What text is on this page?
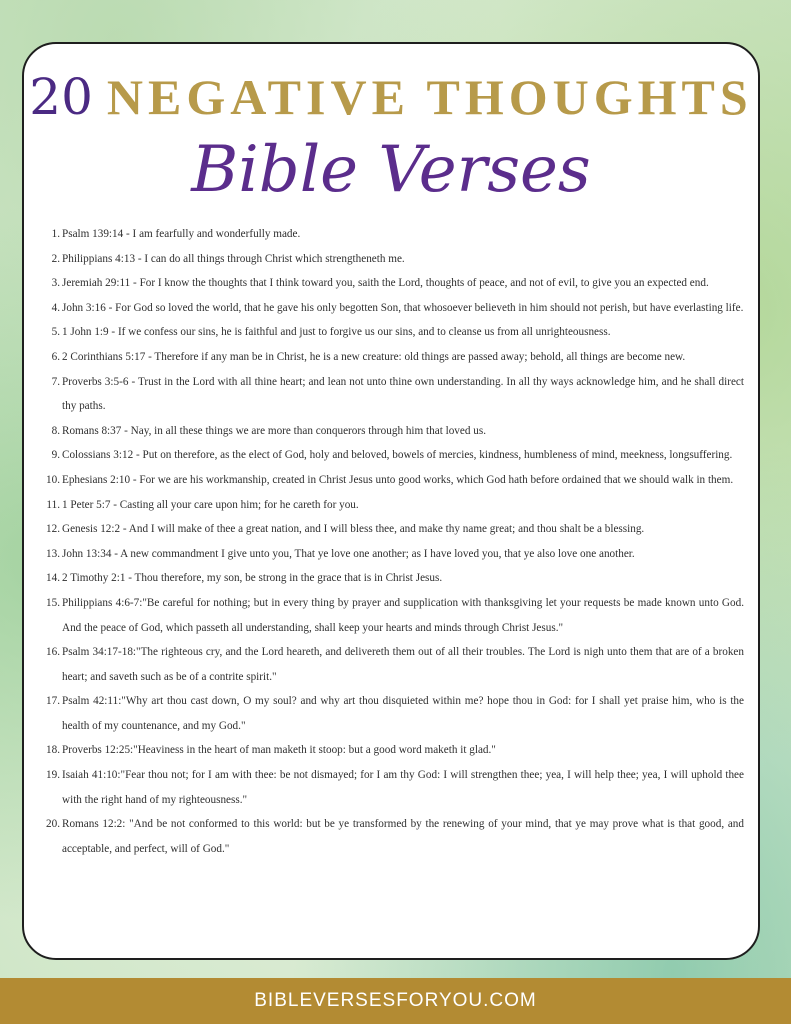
20 NEGATIVE THOUGHTS
Bible Verses
1. Psalm 139:14 - I am fearfully and wonderfully made.
2. Philippians 4:13 - I can do all things through Christ which strengtheneth me.
3. Jeremiah 29:11 - For I know the thoughts that I think toward you, saith the Lord, thoughts of peace, and not of evil, to give you an expected end.
4. John 3:16 - For God so loved the world, that he gave his only begotten Son, that whosoever believeth in him should not perish, but have everlasting life.
5. 1 John 1:9 - If we confess our sins, he is faithful and just to forgive us our sins, and to cleanse us from all unrighteousness.
6. 2 Corinthians 5:17 - Therefore if any man be in Christ, he is a new creature: old things are passed away; behold, all things are become new.
7. Proverbs 3:5-6 - Trust in the Lord with all thine heart; and lean not unto thine own understanding. In all thy ways acknowledge him, and he shall direct thy paths.
8. Romans 8:37 - Nay, in all these things we are more than conquerors through him that loved us.
9. Colossians 3:12 - Put on therefore, as the elect of God, holy and beloved, bowels of mercies, kindness, humbleness of mind, meekness, longsuffering.
10. Ephesians 2:10 - For we are his workmanship, created in Christ Jesus unto good works, which God hath before ordained that we should walk in them.
11. 1 Peter 5:7 - Casting all your care upon him; for he careth for you.
12. Genesis 12:2 - And I will make of thee a great nation, and I will bless thee, and make thy name great; and thou shalt be a blessing.
13. John 13:34 - A new commandment I give unto you, That ye love one another; as I have loved you, that ye also love one another.
14. 2 Timothy 2:1 - Thou therefore, my son, be strong in the grace that is in Christ Jesus.
15. Philippians 4:6-7:"Be careful for nothing; but in every thing by prayer and supplication with thanksgiving let your requests be made known unto God. And the peace of God, which passeth all understanding, shall keep your hearts and minds through Christ Jesus."
16. Psalm 34:17-18:"The righteous cry, and the Lord heareth, and delivereth them out of all their troubles. The Lord is nigh unto them that are of a broken heart; and saveth such as be of a contrite spirit."
17. Psalm 42:11:"Why art thou cast down, O my soul? and why art thou disquieted within me? hope thou in God: for I shall yet praise him, who is the health of my countenance, and my God."
18. Proverbs 12:25:"Heaviness in the heart of man maketh it stoop: but a good word maketh it glad."
19. Isaiah 41:10:"Fear thou not; for I am with thee: be not dismayed; for I am thy God: I will strengthen thee; yea, I will help thee; yea, I will uphold thee with the right hand of my righteousness."
20. Romans 12:2: "And be not conformed to this world: but be ye transformed by the renewing of your mind, that ye may prove what is that good, and acceptable, and perfect, will of God."
BIBLEVERSESFORYOU.COM
